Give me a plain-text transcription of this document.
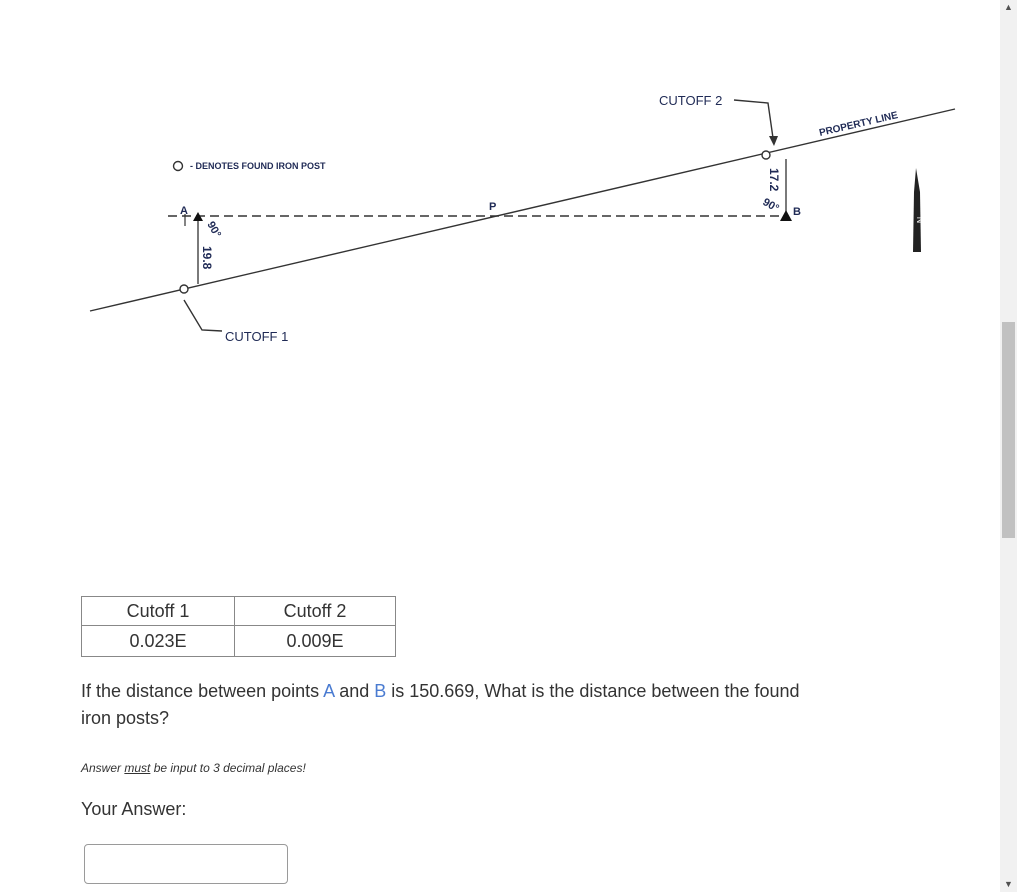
N
- DENOTES FOUND IRON POST
A	B
P
CUTOFF 1
CUTOFF 2
PROPERTY LINE
19.8
17.2
90°
90°
Cutoff 1	Cutoff 2
0.023E	0.009E
If the distance between points A and B is 150.669, What is the distance between the found iron posts?
Answer must be input to 3 decimal places!
Your Answer:
▲
▼
